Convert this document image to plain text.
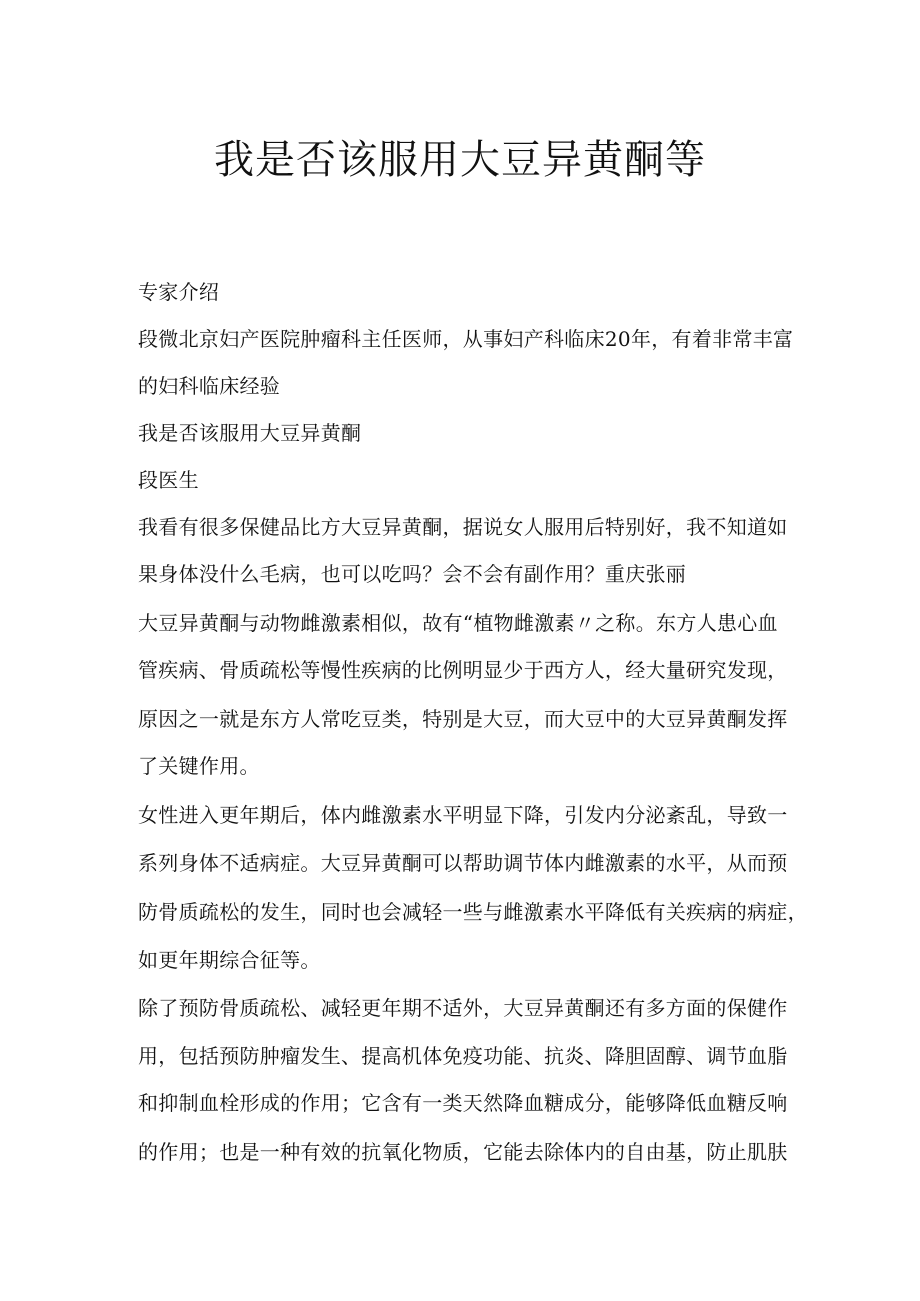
我是否该服用大豆异黄酮等
专家介绍
段微北京妇产医院肿瘤科主任医师，从事妇产科临床20年，有着非常丰富
的妇科临床经验
我是否该服用大豆异黄酮
段医生
我看有很多保健品比方大豆异黄酮，据说女人服用后特别好，我不知道如
果身体没什么毛病，也可以吃吗？会不会有副作用？重庆张丽
大豆异黄酮与动物雌激素相似，故有“植物雌激素〃之称。东方人患心血
管疾病、骨质疏松等慢性疾病的比例明显少于西方人，经大量研究发现，
原因之一就是东方人常吃豆类，特别是大豆，而大豆中的大豆异黄酮发挥
了关键作用。
女性进入更年期后，体内雌激素水平明显下降，引发内分泌紊乱，导致一
系列身体不适病症。大豆异黄酮可以帮助调节体内雌激素的水平，从而预
防骨质疏松的发生，同时也会减轻一些与雌激素水平降低有关疾病的病症，
如更年期综合征等。
除了预防骨质疏松、减轻更年期不适外，大豆异黄酮还有多方面的保健作
用，包括预防肿瘤发生、提高机体免疫功能、抗炎、降胆固醇、调节血脂
和抑制血栓形成的作用；它含有一类天然降血糖成分，能够降低血糖反响
的作用；也是一种有效的抗氧化物质，它能去除体内的自由基，防止肌肤
